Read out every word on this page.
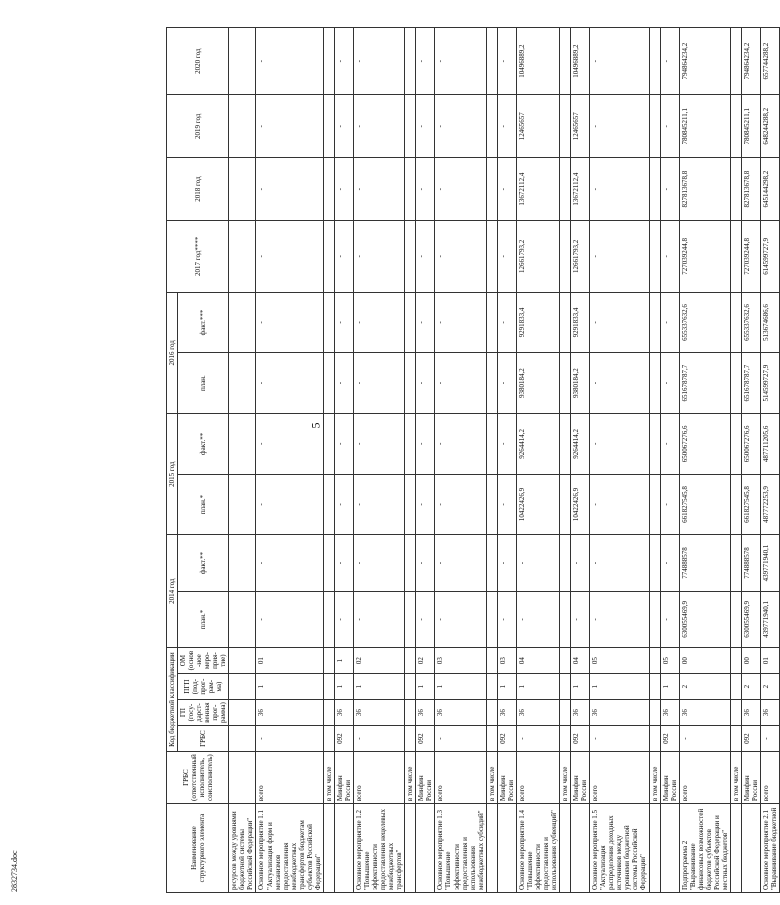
5
2832734.doc
Наименование структурного элемента	ГРБС (ответственный исполнитель, соисполнитель)	Код бюджетной классификации				2014 год		2015 год		2016 год		2017 год****	2018 год	2019 год	2020 год
		ГРБС	ГП (госу-дарст-венная прог-рамма)	ПГП (под-прог-рам-ма)	ОМ (основ-ное меро-прия-тие)	план.*	факт.**	план.*	факт.**	план.	факт.***				

ресурсов между уровнями бюджетной системы Российской Федерации"															
Основное мероприятие 1.1 "Актуализация форм и механизмов предоставления межбюджетных трансфертов бюджетам субъектов Российской Федерации"	всего	-	36	1	01	-	-	-	-	-	-	-	-	-	-
	в том числе														
	Минфин России	092	36	1	1	-	-	-	-	-	-	-	-	-	-
Основное мероприятие 1.2 "Повышение эффективности предоставления нецелевых межбюджетных трансфертов"	всего	-	36	1	02	-	-	-	-	-	-	-	-	-	-
	в том числе														
	Минфин России	092	36	1	02	-	-	-	-	-	-	-	-	-	-
Основное мероприятие 1.3 "Повышение эффективности предоставления и использования межбюджетных субсидий"	всего	-	36	1	03	-	-	-	-	-	-	-	-	-	-
	в том числе														
	Минфин России	092	36	1	03	-	-	-	-	-	-	-	-	-	-
Основное мероприятие 1.4 "Повышение эффективности предоставления и использования субвенций"	всего	-	36	1	04	-	-	10422426,9	9264414,2	9380184,2	9291833,4	12661793,2	13672112,4	12465657	10496889,2
	в том числе														
	Минфин России	092	36	1	04	-	-	10422426,9	9264414,2	9380184,2	9291833,4	12661793,2	13672112,4	12465657	10496889,2
Основное мероприятие 1.5 "Актуализация распределения доходных источников между уровнями бюджетной системы Российской Федерации"	всего	-	36	1	05	-	-	-	-	-	-	-	-	-	-
	в том числе														
	Минфин России	092	36	1	05	-	-	-	-	-	-	-	-	-	-
Подпрограмма 2 "Выравнивание финансовых возможностей бюджетов субъектов Российской Федерации и местных бюджетов"	всего	-	36	2	00	630055469,9	774888578	661827545,8	650067276,6	651678787,7	655337632,6	727039244,8	827813678,8	780845211,1	794864234,2
	в том числе														
	Минфин России	092	36	2	00	630055469,9	774888578	661827545,8	650067276,6	651678787,7	655337632,6	727039244,8	827813678,8	780845211,1	794864234,2
Основное мероприятие 2.1 "Выравнивание бюджетной	всего	-	36	2	01	439771940,1	439771940,1	487772253,9	487711205,6	514599727,9	513674686,6	614599727,9	645144298,2	648244288,2	657744288,2
